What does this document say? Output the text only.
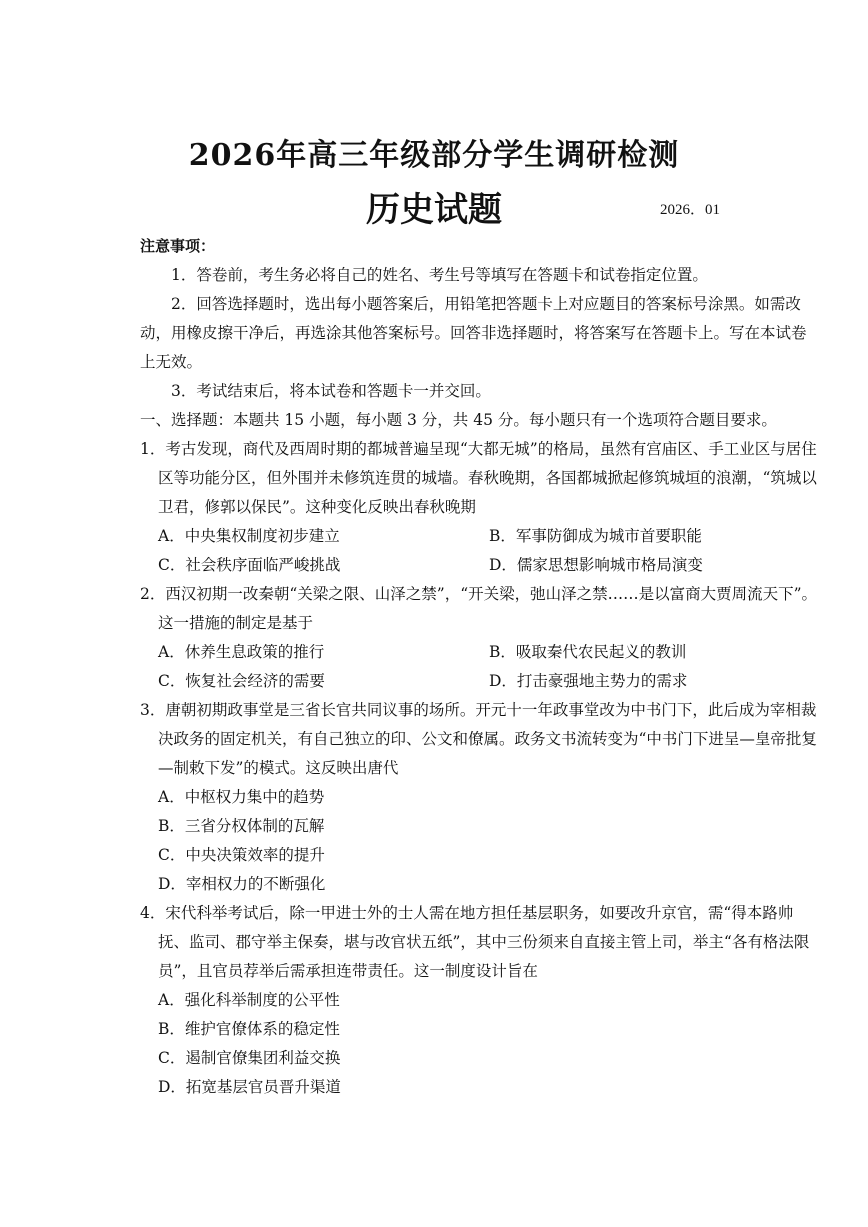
2026年高三年级部分学生调研检测
历史试题	2026．01

注意事项：

1．答卷前，考生务必将自己的姓名、考生号等填写在答题卡和试卷指定位置。

2．回答选择题时，选出每小题答案后，用铅笔把答题卡上对应题目的答案标号涂黑。如需改动，用橡皮擦干净后，再选涂其他答案标号。回答非选择题时，将答案写在答题卡上。写在本试卷上无效。

3．考试结束后，将本试卷和答题卡一并交回。

一、选择题：本题共 15 小题，每小题 3 分，共 45 分。每小题只有一个选项符合题目要求。

1．考古发现，商代及西周时期的都城普遍呈现“大都无城”的格局，虽然有宫庙区、手工业区与居住区等功能分区，但外围并未修筑连贯的城墙。春秋晚期，各国都城掀起修筑城垣的浪潮，“筑城以卫君，修郭以保民”。这种变化反映出春秋晚期

A．中央集权制度初步建立	B．军事防御成为城市首要职能
C．社会秩序面临严峻挑战	D．儒家思想影响城市格局演变

2．西汉初期一改秦朝“关梁之限、山泽之禁”，“开关梁，弛山泽之禁……是以富商大贾周流天下”。这一措施的制定是基于

A．休养生息政策的推行	B．吸取秦代农民起义的教训
C．恢复社会经济的需要	D．打击豪强地主势力的需求

3．唐朝初期政事堂是三省长官共同议事的场所。开元十一年政事堂改为中书门下，此后成为宰相裁决政务的固定机关，有自己独立的印、公文和僚属。政务文书流转变为“中书门下进呈—皇帝批复—制敕下发”的模式。这反映出唐代

A．中枢权力集中的趋势

B．三省分权体制的瓦解

C．中央决策效率的提升

D．宰相权力的不断强化

4．宋代科举考试后，除一甲进士外的士人需在地方担任基层职务，如要改升京官，需“得本路帅抚、监司、郡守举主保奏，堪与改官状五纸”，其中三份须来自直接主管上司，举主“各有格法限员”，且官员荐举后需承担连带责任。这一制度设计旨在

A．强化科举制度的公平性

B．维护官僚体系的稳定性

C．遏制官僚集团利益交换

D．拓宽基层官员晋升渠道
